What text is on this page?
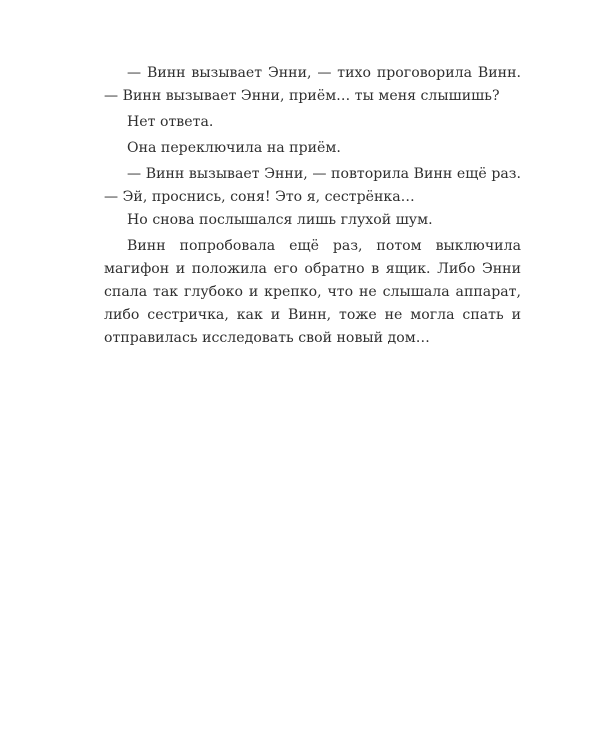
— Винн вызывает Энни, — тихо проговорила Винн. — Винн вызывает Энни, приём… ты меня слышишь?

Нет ответа.

Она переключила на приём.

— Винн вызывает Энни, — повторила Винн ещё раз. — Эй, проснись, соня! Это я, сестрёнка…

Но снова послышался лишь глухой шум.

Винн попробовала ещё раз, потом выключила магифон и положила его обратно в ящик. Либо Энни спала так глубоко и крепко, что не слышала аппарат, либо сестричка, как и Винн, тоже не могла спать и отправилась исследовать свой новый дом…
